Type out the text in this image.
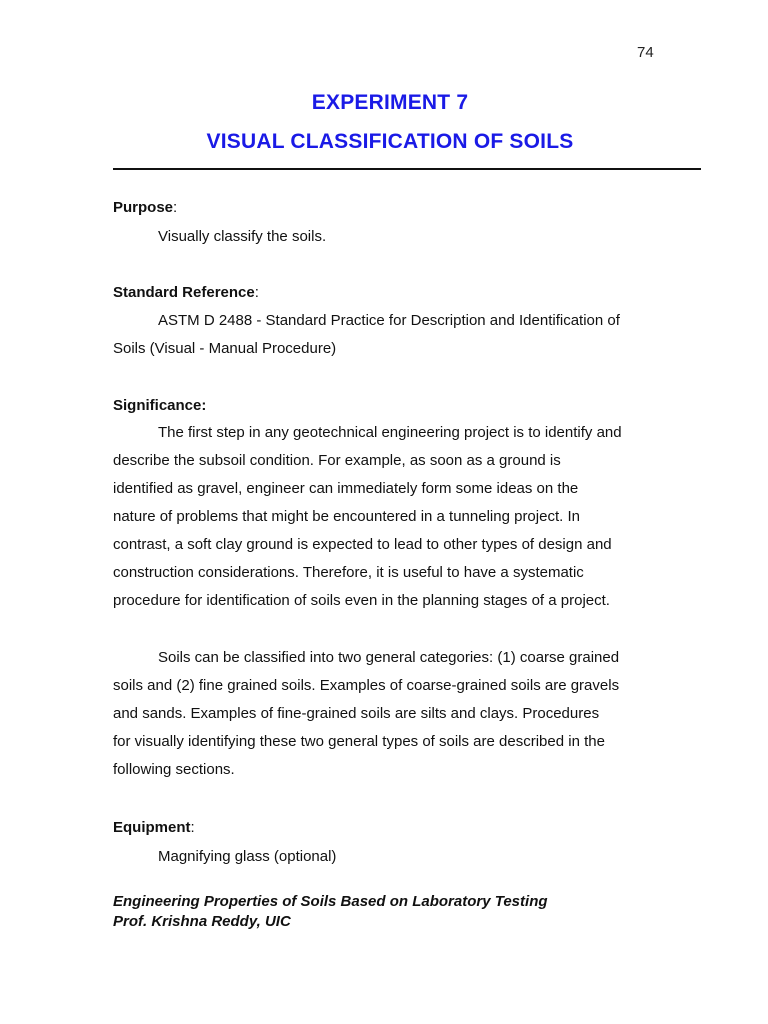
74
EXPERIMENT 7
VISUAL CLASSIFICATION OF SOILS
Purpose:
Visually classify the soils.
Standard Reference:
ASTM D 2488 - Standard Practice for Description and Identification of
Soils (Visual - Manual Procedure)
Significance:
The first step in any geotechnical engineering project is to identify and
describe the subsoil condition. For example, as soon as a ground is
identified as gravel, engineer can immediately form some ideas on the
nature of problems that might be encountered in a tunneling project. In
contrast, a soft clay ground is expected to lead to other types of design and
construction considerations. Therefore, it is useful to have a systematic
procedure for identification of soils even in the planning stages of a project.
Soils can be classified into two general categories: (1) coarse grained
soils and (2) fine grained soils. Examples of coarse-grained soils are gravels
and sands. Examples of fine-grained soils are silts and clays. Procedures
for visually identifying these two general types of soils are described in the
following sections.
Equipment:
Magnifying glass (optional)
Engineering Properties of Soils Based on Laboratory Testing
Prof. Krishna Reddy, UIC
